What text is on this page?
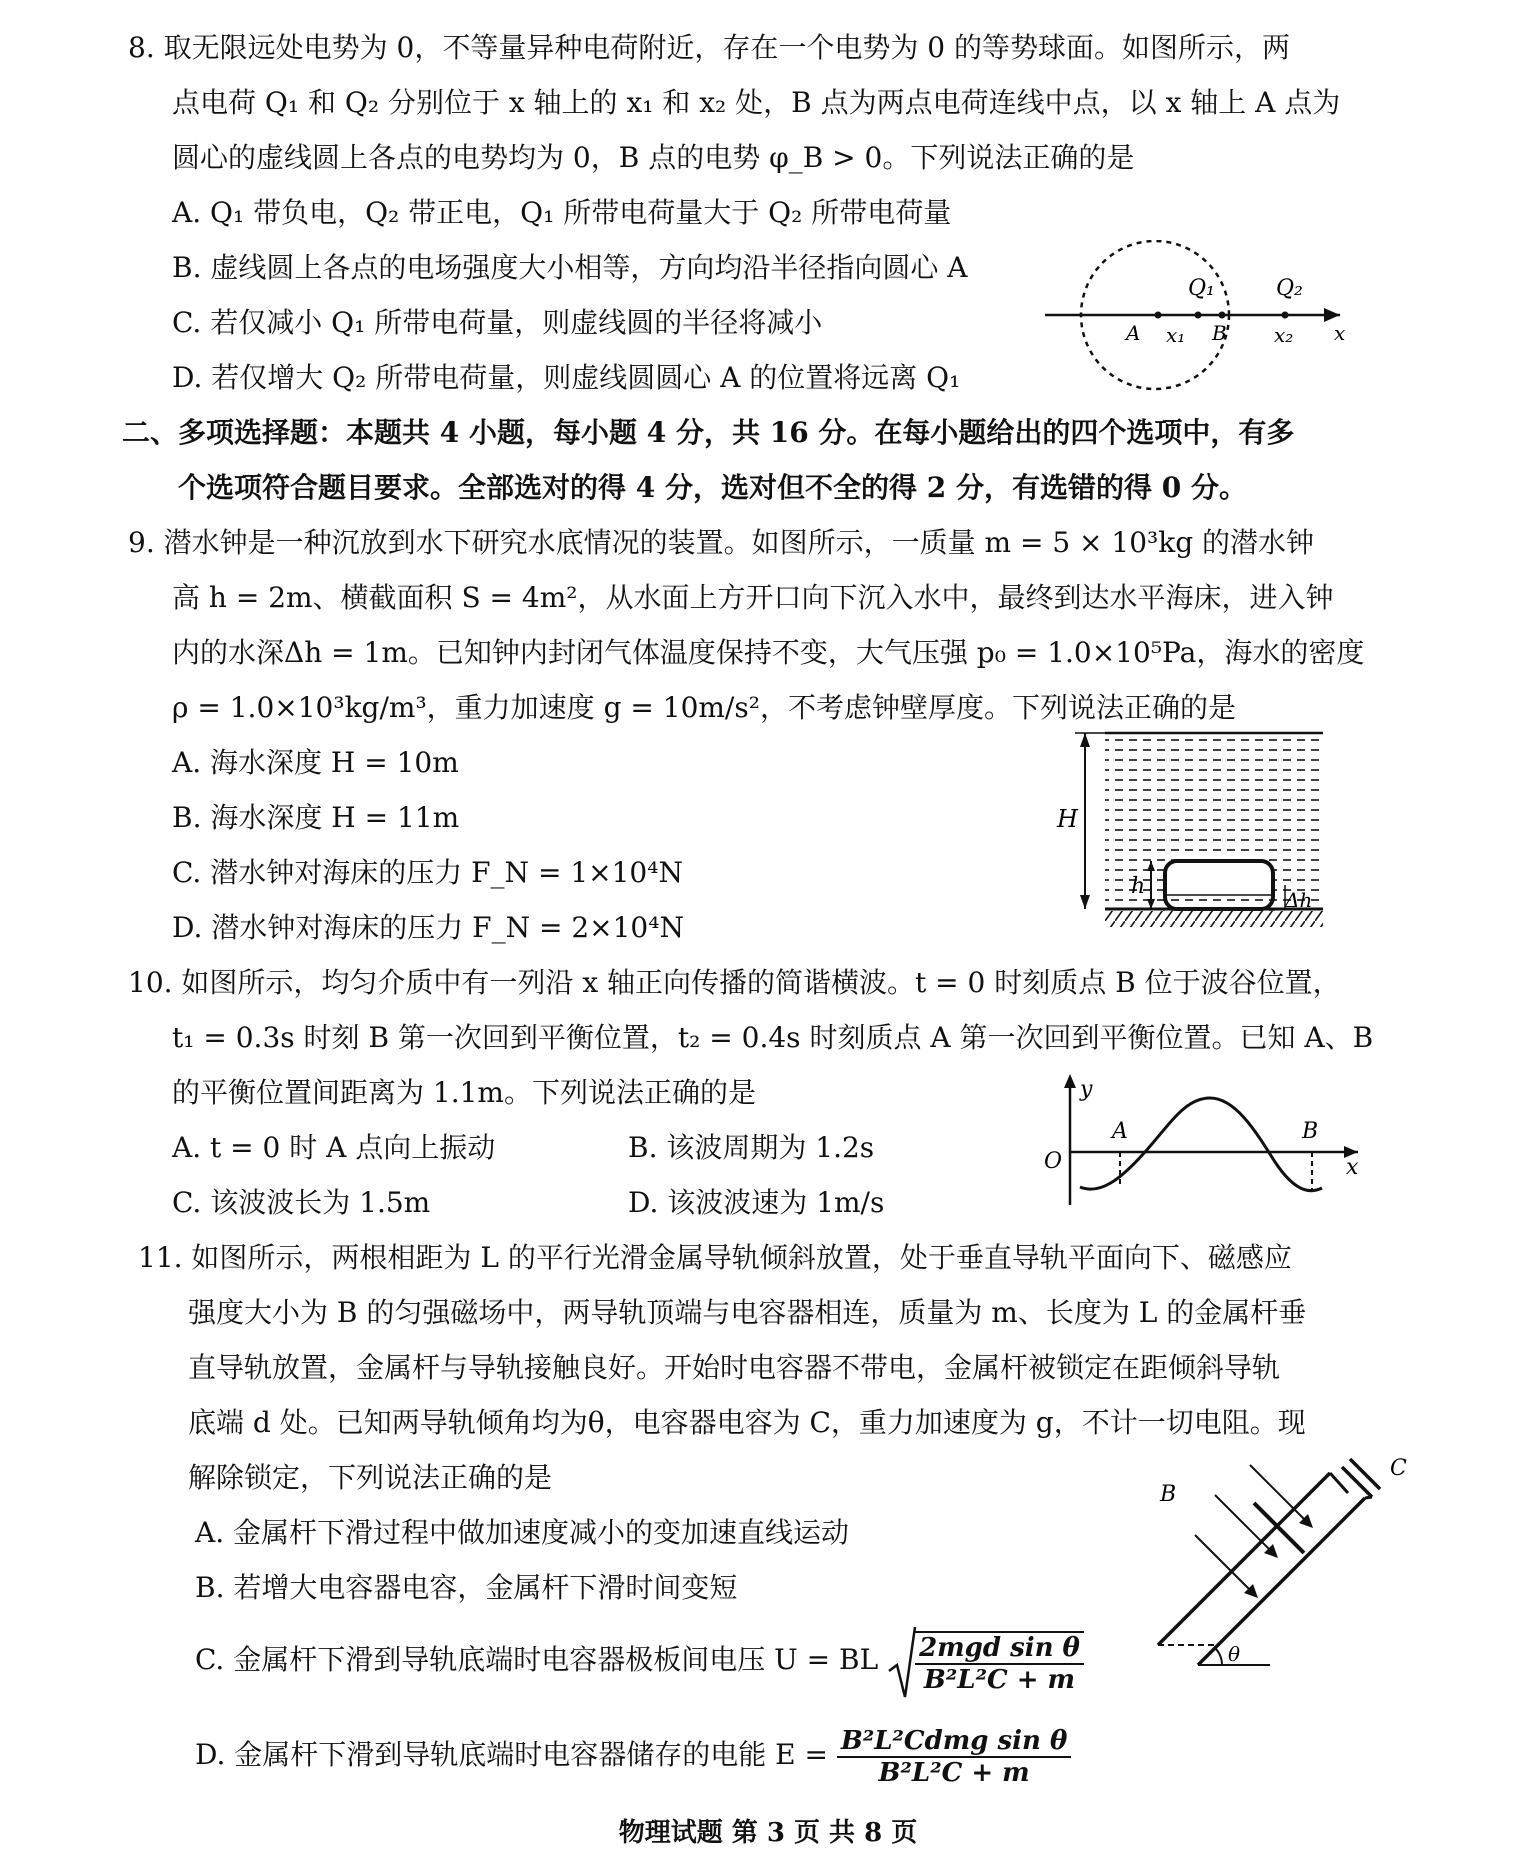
8. 取无限远处电势为 0，不等量异种电荷附近，存在一个电势为 0 的等势球面。如图所示，两
点电荷 Q₁ 和 Q₂ 分别位于 x 轴上的 x₁ 和 x₂ 处，B 点为两点电荷连线中点，以 x 轴上 A 点为
圆心的虚线圆上各点的电势均为 0，B 点的电势 φ_B > 0。下列说法正确的是
A. Q₁ 带负电，Q₂ 带正电，Q₁ 所带电荷量大于 Q₂ 所带电荷量
B. 虚线圆上各点的电场强度大小相等，方向均沿半径指向圆心 A
C. 若仅减小 Q₁ 所带电荷量，则虚线圆的半径将减小
D. 若仅增大 Q₂ 所带电荷量，则虚线圆圆心 A 的位置将远离 Q₁
Q₁	Q₂
A x₁ B x₂ x
二、多项选择题：本题共 4 小题，每小题 4 分，共 16 分。在每小题给出的四个选项中，有多
个选项符合题目要求。全部选对的得 4 分，选对但不全的得 2 分，有选错的得 0 分。
9. 潜水钟是一种沉放到水下研究水底情况的装置。如图所示，一质量 m = 5 × 10³kg 的潜水钟
高 h = 2m、横截面积 S = 4m²，从水面上方开口向下沉入水中，最终到达水平海床，进入钟
内的水深Δh = 1m。已知钟内封闭气体温度保持不变，大气压强 p₀ = 1.0×10⁵Pa，海水的密度
ρ = 1.0×10³kg/m³，重力加速度 g = 10m/s²，不考虑钟壁厚度。下列说法正确的是
A. 海水深度 H = 10m
B. 海水深度 H = 11m
C. 潜水钟对海床的压力 F_N = 1×10⁴N
D. 潜水钟对海床的压力 F_N = 2×10⁴N
H
h
Δh
10. 如图所示，均匀介质中有一列沿 x 轴正向传播的简谐横波。t = 0 时刻质点 B 位于波谷位置，
t₁ = 0.3s 时刻 B 第一次回到平衡位置，t₂ = 0.4s 时刻质点 A 第一次回到平衡位置。已知 A、B
的平衡位置间距离为 1.1m。下列说法正确的是
A. t = 0 时 A 点向上振动	B. 该波周期为 1.2s
C. 该波波长为 1.5m	D. 该波波速为 1m/s
y
O
A	B
x
11. 如图所示，两根相距为 L 的平行光滑金属导轨倾斜放置，处于垂直导轨平面向下、磁感应
强度大小为 B 的匀强磁场中，两导轨顶端与电容器相连，质量为 m、长度为 L 的金属杆垂
直导轨放置，金属杆与导轨接触良好。开始时电容器不带电，金属杆被锁定在距倾斜导轨
底端 d 处。已知两导轨倾角均为θ，电容器电容为 C，重力加速度为 g，不计一切电阻。现
解除锁定，下列说法正确的是
A. 金属杆下滑过程中做加速度减小的变加速直线运动
B. 若增大电容器电容，金属杆下滑时间变短
C. 金属杆下滑到导轨底端时电容器极板间电压 U = BL $\frac{\text{2mgd sin θ}}{\text{B²L²C + m}}$
D. 金属杆下滑到导轨底端时电容器储存的电能 $E = \frac{\text{B²L²Cdmg sin θ}}{\text{B²L²C + m}}$
θ
C
B
物理试题 第 3 页 共 8 页
